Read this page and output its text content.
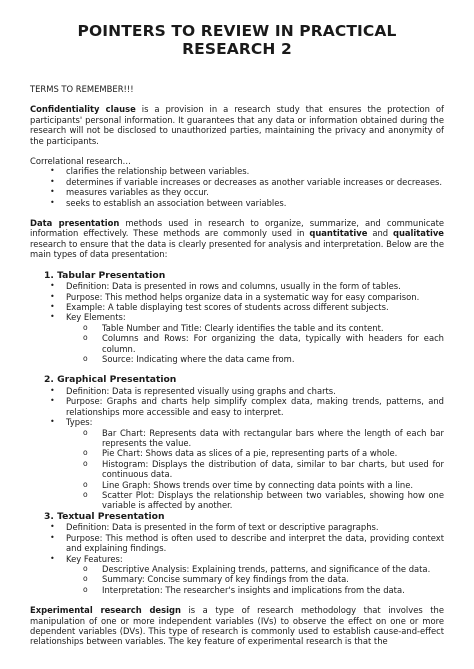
POINTERS TO REVIEW IN PRACTICAL RESEARCH 2

TERMS TO REMEMBER!!!

Confidentiality clause is a provision in a research study that ensures the protection of participants' personal information. It guarantees that any data or information obtained during the research will not be disclosed to unauthorized parties, maintaining the privacy and anonymity of the participants.

Correlational research…

• clarifies the relationship between variables.
• determines if variable increases or decreases as another variable increases or decreases.
• measures variables as they occur.
• seeks to establish an association between variables.

Data presentation methods used in research to organize, summarize, and communicate information effectively. These methods are commonly used in quantitative and qualitative research to ensure that the data is clearly presented for analysis and interpretation. Below are the main types of data presentation:

1. Tabular Presentation

• Definition: Data is presented in rows and columns, usually in the form of tables.
• Purpose: This method helps organize data in a systematic way for easy comparison.
• Example: A table displaying test scores of students across different subjects.
• Key Elements:
o Table Number and Title: Clearly identifies the table and its content.
o Columns and Rows: For organizing the data, typically with headers for each column.
o Source: Indicating where the data came from.

2. Graphical Presentation

• Definition: Data is represented visually using graphs and charts.
• Purpose: Graphs and charts help simplify complex data, making trends, patterns, and relationships more accessible and easy to interpret.
• Types:
o Bar Chart: Represents data with rectangular bars where the length of each bar represents the value.
o Pie Chart: Shows data as slices of a pie, representing parts of a whole.
o Histogram: Displays the distribution of data, similar to bar charts, but used for continuous data.
o Line Graph: Shows trends over time by connecting data points with a line.
o Scatter Plot: Displays the relationship between two variables, showing how one variable is affected by another.

3. Textual Presentation

• Definition: Data is presented in the form of text or descriptive paragraphs.
• Purpose: This method is often used to describe and interpret the data, providing context and explaining findings.
• Key Features:
o Descriptive Analysis: Explaining trends, patterns, and significance of the data.
o Summary: Concise summary of key findings from the data.
o Interpretation: The researcher's insights and implications from the data.

Experimental research design is a type of research methodology that involves the manipulation of one or more independent variables (IVs) to observe the effect on one or more dependent variables (DVs). This type of research is commonly used to establish cause-and-effect relationships between variables. The key feature of experimental research is that the
